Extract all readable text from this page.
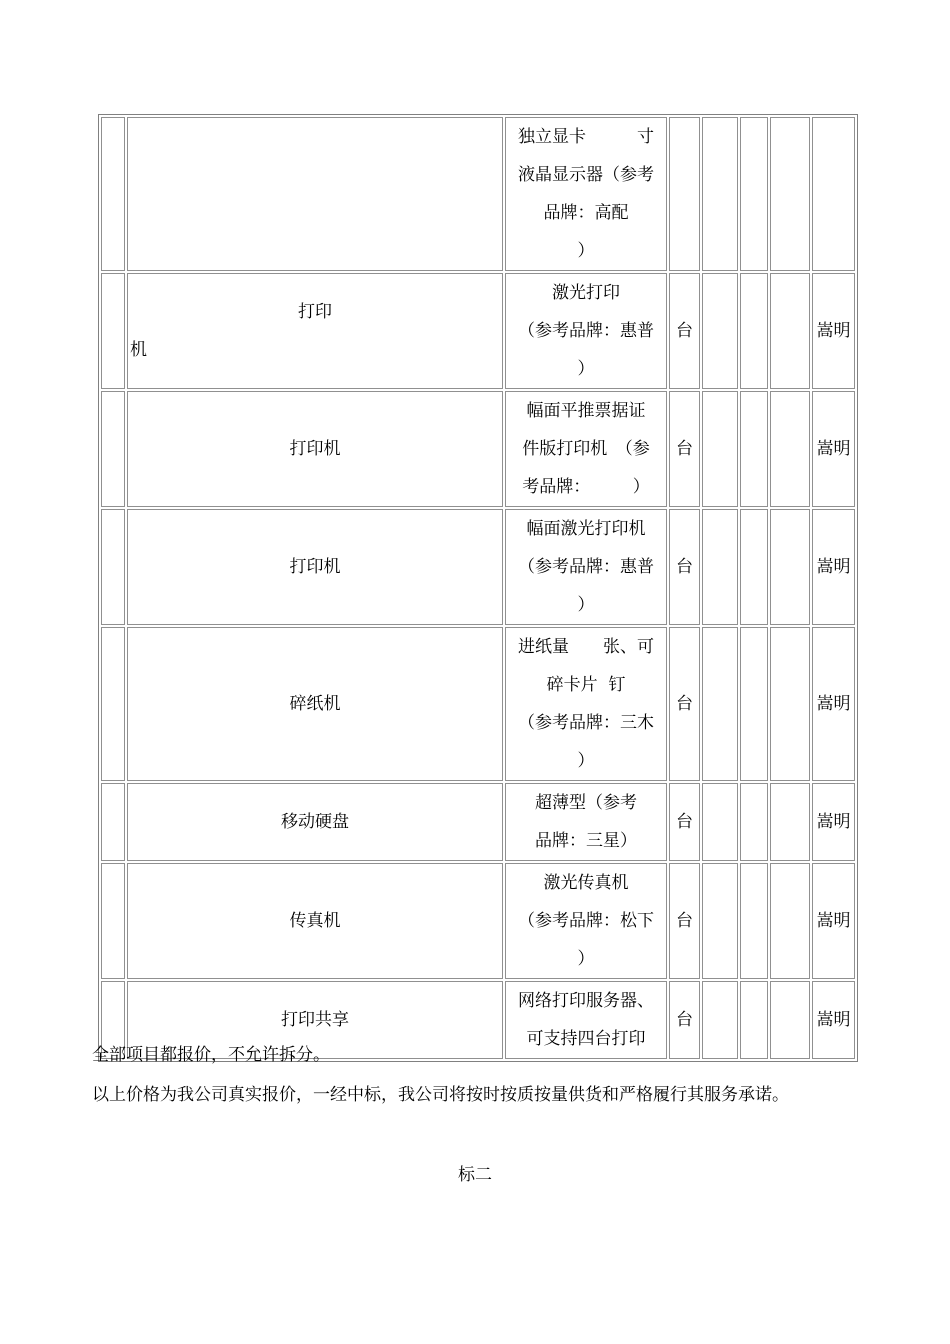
		独立显卡　　　寸
液晶显示器（参考
品牌：高配
）					

	打印
机	激光打印
（参考品牌：惠普
）	台				嵩明
	打印机	幅面平推票据证
件版打印机　（参
考品牌：　　　）	台				嵩明
	打印机	幅面激光打印机
（参考品牌：惠普
）	台				嵩明
	碎纸机	进纸量　　张、可
碎卡片  钉
（参考品牌：三木
）	台				嵩明
	移动硬盘	超薄型（参考
品牌：三星）	台				嵩明
	传真机	激光传真机
（参考品牌：松下
）	台				嵩明
	打印共享	网络打印服务器、
可支持四台打印	台				嵩明
全部项目都报价，不允许拆分。
以上价格为我公司真实报价，一经中标，我公司将按时按质按量供货和严格履行其服务承诺。
标二
